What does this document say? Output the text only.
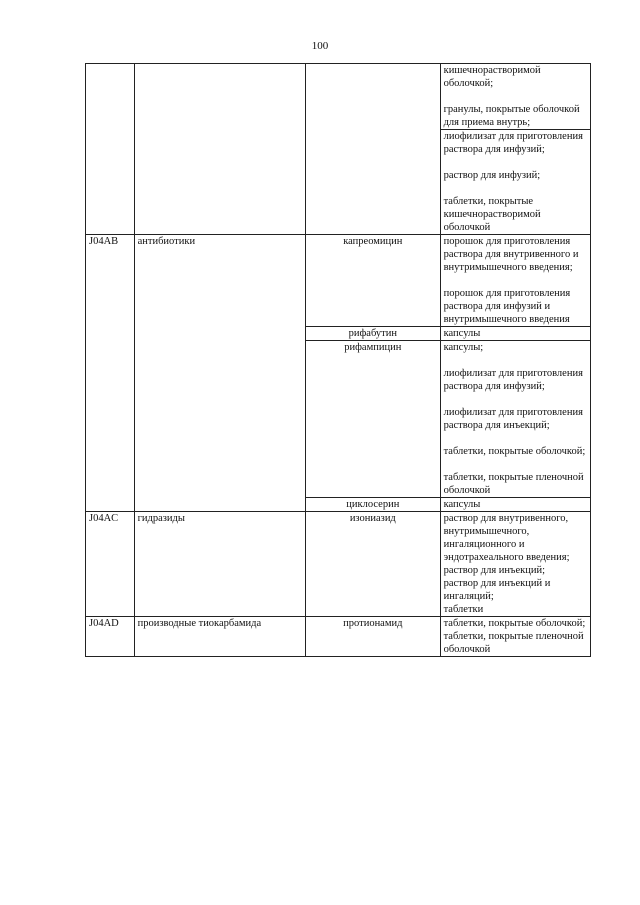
100

			кишечнорастворимой оболочкой;
гранулы, покрытые оболочкой для приема внутрь;

			лиофилизат для приготовления раствора для инфузий;
раствор для инфузий;
таблетки, покрытые кишечнорастворимой оболочкой

J04AB	антибиотики	капреомицин	порошок для приготовления раствора для внутривенного и внутримышечного введения;
порошок для приготовления раствора для инфузий и внутримышечного введения

		рифабутин	капсулы

		рифампицин	капсулы;
лиофилизат для приготовления раствора для инфузий;
лиофилизат для приготовления раствора для инъекций;
таблетки, покрытые оболочкой;
таблетки, покрытые пленочной оболочкой

		циклосерин	капсулы

J04AC	гидразиды	изониазид	раствор для внутривенного, внутримышечного, ингаляционного и эндотрахеального введения;
раствор для инъекций;
раствор для инъекций и ингаляций;
таблетки

J04AD	производные тиокарбамида	протионамид	таблетки, покрытые оболочкой;
таблетки, покрытые пленочной оболочкой
